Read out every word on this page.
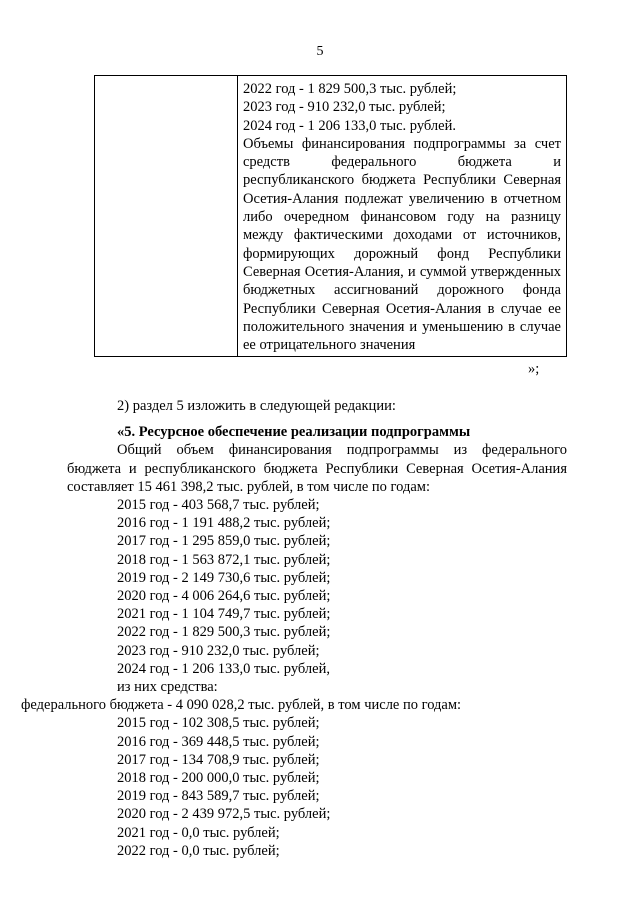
5
2022 год - 1 829 500,3 тыс. рублей;
2023 год - 910 232,0 тыс. рублей;
2024 год - 1 206 133,0 тыс. рублей.
Объемы финансирования подпрограммы за счет средств федерального бюджета и республиканского бюджета Республики Северная Осетия-Алания подлежат увеличению в отчетном либо очередном финансовом году на разницу между фактическими доходами от источников, формирующих дорожный фонд Республики Северная Осетия-Алания, и суммой утвержденных бюджетных ассигнований дорожного фонда Республики Северная Осетия-Алания в случае ее положительного значения и уменьшению в случае ее отрицательного значения
»;

2) раздел 5 изложить в следующей редакции:

«5. Ресурсное обеспечение реализации подпрограммы

Общий объем финансирования подпрограммы из федерального бюджета и республиканского бюджета Республики Северная Осетия-Алания составляет 15 461 398,2 тыс. рублей, в том числе по годам:

2015 год - 403 568,7 тыс. рублей;

2016 год - 1 191 488,2 тыс. рублей;

2017 год - 1 295 859,0 тыс. рублей;

2018 год - 1 563 872,1 тыс. рублей;

2019 год - 2 149 730,6 тыс. рублей;

2020 год - 4 006 264,6 тыс. рублей;

2021 год - 1 104 749,7 тыс. рублей;

2022 год - 1 829 500,3 тыс. рублей;

2023 год - 910 232,0 тыс. рублей;

2024 год - 1 206 133,0 тыс. рублей,

из них средства:

федерального бюджета - 4 090 028,2 тыс. рублей, в том числе по годам:

2015 год - 102 308,5 тыс. рублей;

2016 год - 369 448,5 тыс. рублей;

2017 год - 134 708,9 тыс. рублей;

2018 год - 200 000,0 тыс. рублей;

2019 год - 843 589,7 тыс. рублей;

2020 год - 2 439 972,5 тыс. рублей;

2021 год - 0,0 тыс. рублей;

2022 год - 0,0 тыс. рублей;
